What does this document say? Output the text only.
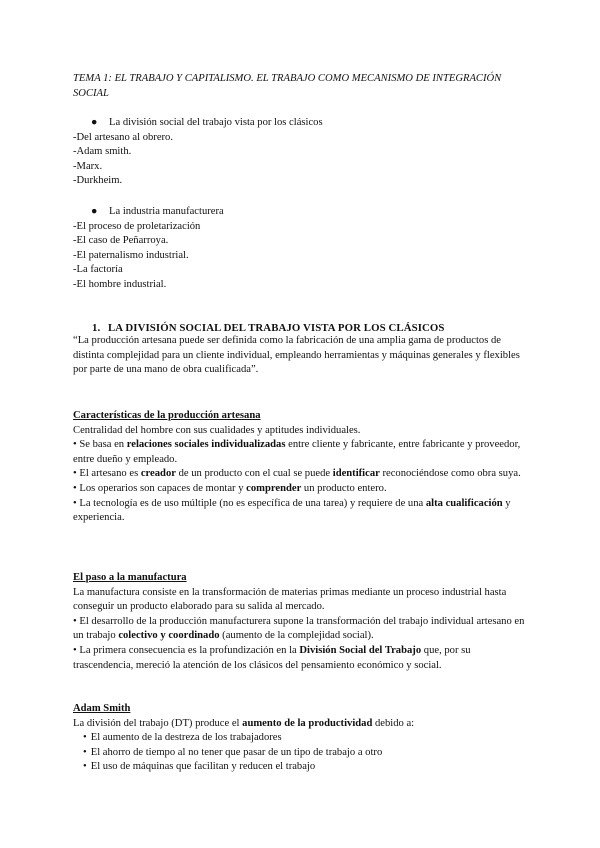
TEMA 1: EL TRABAJO Y CAPITALISMO. EL TRABAJO COMO MECANISMO DE INTEGRACIÓN SOCIAL
● La división social del trabajo vista por los clásicos
-Del artesano al obrero.
-Adam smith.
-Marx.
-Durkheim.
● La industria manufacturera
-El proceso de proletarización
-El caso de Peñarroya.
-El paternalismo industrial.
-La factoría
-El hombre industrial.
1. LA DIVISIÓN SOCIAL DEL TRABAJO VISTA POR LOS CLÁSICOS
“La producción artesana puede ser definida como la fabricación de una amplia gama de productos de distinta complejidad para un cliente individual, empleando herramientas y máquinas generales y flexibles por parte de una mano de obra cualificada”.
Características de la producción artesana
Centralidad del hombre con sus cualidades y aptitudes individuales.
• Se basa en relaciones sociales individualizadas entre cliente y fabricante, entre fabricante y proveedor, entre dueño y empleado.
• El artesano es creador de un producto con el cual se puede identificar reconociéndose como obra suya.
• Los operarios son capaces de montar y comprender un producto entero.
• La tecnología es de uso múltiple (no es específica de una tarea) y requiere de una alta cualificación y experiencia.
El paso a la manufactura
La manufactura consiste en la transformación de materias primas mediante un proceso industrial hasta conseguir un producto elaborado para su salida al mercado.
• El desarrollo de la producción manufacturera supone la transformación del trabajo individual artesano en un trabajo colectivo y coordinado (aumento de la complejidad social).
• La primera consecuencia es la profundización en la División Social del Trabajo que, por su trascendencia, mereció la atención de los clásicos del pensamiento económico y social.
Adam Smith
La división del trabajo (DT) produce el aumento de la productividad debido a:
• El aumento de la destreza de los trabajadores
• El ahorro de tiempo al no tener que pasar de un tipo de trabajo a otro
• El uso de máquinas que facilitan y reducen el trabajo
